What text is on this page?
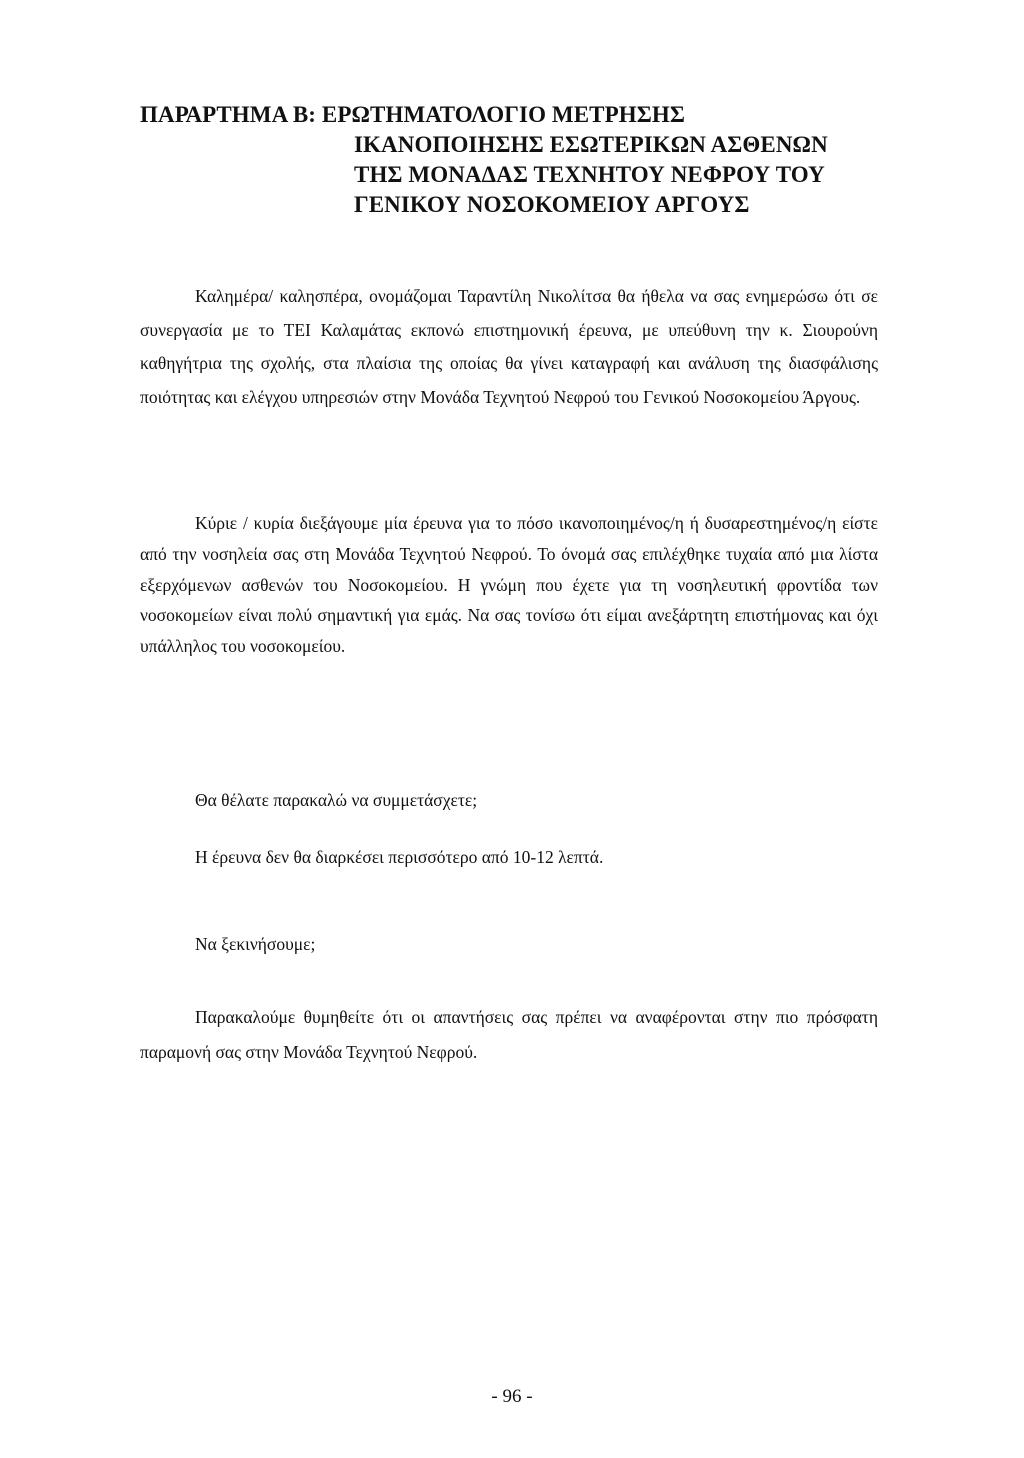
ΠΑΡΑΡΤΗΜΑ Β: ΕΡΩΤΗΜΑΤΟΛΟΓΙΟ ΜΕΤΡΗΣΗΣ
ΙΚΑΝΟΠΟΙΗΣΗΣ ΕΣΩΤΕΡΙΚΩΝ ΑΣΘΕΝΩΝ
ΤΗΣ ΜΟΝΑΔΑΣ ΤΕΧΝΗΤΟΥ ΝΕΦΡΟΥ ΤΟΥ
ΓΕΝΙΚΟΥ ΝΟΣΟΚΟΜΕΙΟΥ ΑΡΓΟΥΣ

Καλημέρα/ καλησπέρα, ονομάζομαι Ταραντίλη Νικολίτσα θα ήθελα να σας ενημερώσω ότι σε συνεργασία με το ΤΕΙ Καλαμάτας εκπονώ επιστημονική έρευνα, με υπεύθυνη την κ. Σιουρούνη καθηγήτρια της σχολής, στα πλαίσια της οποίας θα γίνει καταγραφή και ανάλυση της διασφάλισης ποιότητας και ελέγχου υπηρεσιών στην Μονάδα Τεχνητού Νεφρού του Γενικού Νοσοκομείου Άργους.

Κύριε / κυρία διεξάγουμε μία έρευνα για το πόσο ικανοποιημένος/η ή δυσαρεστημένος/η είστε από την νοσηλεία σας στη Μονάδα Τεχνητού Νεφρού. Το όνομά σας επιλέχθηκε τυχαία από μια λίστα εξερχόμενων ασθενών του Νοσοκομείου. Η γνώμη που έχετε για τη νοσηλευτική φροντίδα των νοσοκομείων είναι πολύ σημαντική για εμάς. Να σας τονίσω ότι είμαι ανεξάρτητη επιστήμονας και όχι υπάλληλος του νοσοκομείου.

Θα θέλατε παρακαλώ να συμμετάσχετε;

Η έρευνα δεν θα διαρκέσει περισσότερο από 10-12 λεπτά.

Να ξεκινήσουμε;

Παρακαλούμε θυμηθείτε ότι οι απαντήσεις σας πρέπει να αναφέρονται στην πιο πρόσφατη παραμονή σας στην Μονάδα Τεχνητού Νεφρού.

- 96 -
